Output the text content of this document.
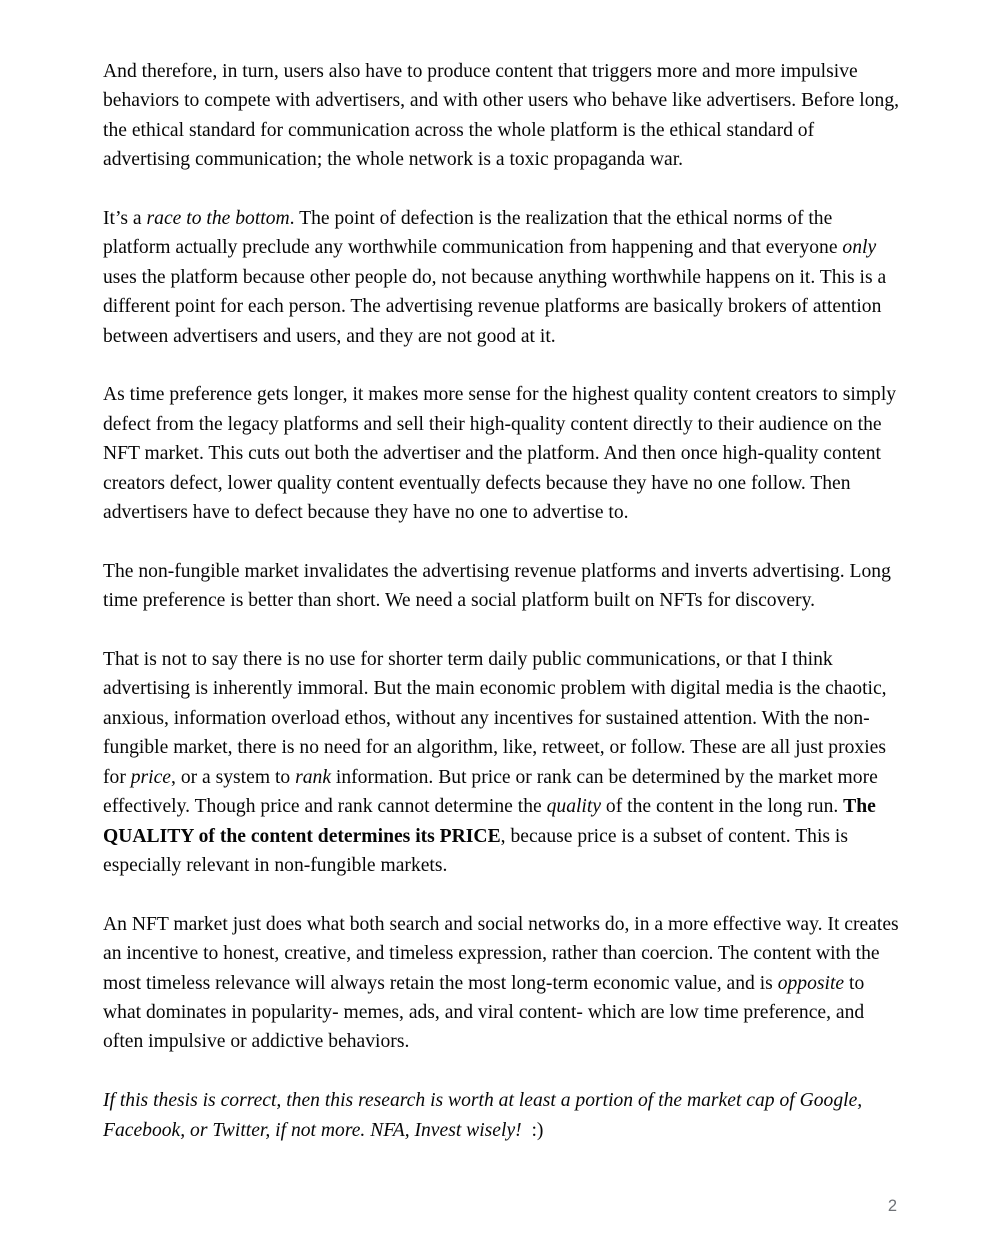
And therefore, in turn, users also have to produce content that triggers more and more impulsive behaviors to compete with advertisers, and with other users who behave like advertisers. Before long, the ethical standard for communication across the whole platform is the ethical standard of advertising communication; the whole network is a toxic propaganda war.

It’s a race to the bottom. The point of defection is the realization that the ethical norms of the platform actually preclude any worthwhile communication from happening and that everyone only uses the platform because other people do, not because anything worthwhile happens on it. This is a different point for each person. The advertising revenue platforms are basically brokers of attention between advertisers and users, and they are not good at it.

As time preference gets longer, it makes more sense for the highest quality content creators to simply defect from the legacy platforms and sell their high-quality content directly to their audience on the NFT market. This cuts out both the advertiser and the platform. And then once high-quality content creators defect, lower quality content eventually defects because they have no one follow. Then advertisers have to defect because they have no one to advertise to.

The non-fungible market invalidates the advertising revenue platforms and inverts advertising. Long time preference is better than short. We need a social platform built on NFTs for discovery.

That is not to say there is no use for shorter term daily public communications, or that I think advertising is inherently immoral. But the main economic problem with digital media is the chaotic, anxious, information overload ethos, without any incentives for sustained attention. With the non-fungible market, there is no need for an algorithm, like, retweet, or follow. These are all just proxies for price, or a system to rank information. But price or rank can be determined by the market more effectively. Though price and rank cannot determine the quality of the content in the long run. The QUALITY of the content determines its PRICE, because price is a subset of content. This is especially relevant in non-fungible markets.

An NFT market just does what both search and social networks do, in a more effective way. It creates an incentive to honest, creative, and timeless expression, rather than coercion. The content with the most timeless relevance will always retain the most long-term economic value, and is opposite to what dominates in popularity- memes, ads, and viral content- which are low time preference, and often impulsive or addictive behaviors.

If this thesis is correct, then this research is worth at least a portion of the market cap of Google, Facebook, or Twitter, if not more. NFA, Invest wisely!  :)

2
